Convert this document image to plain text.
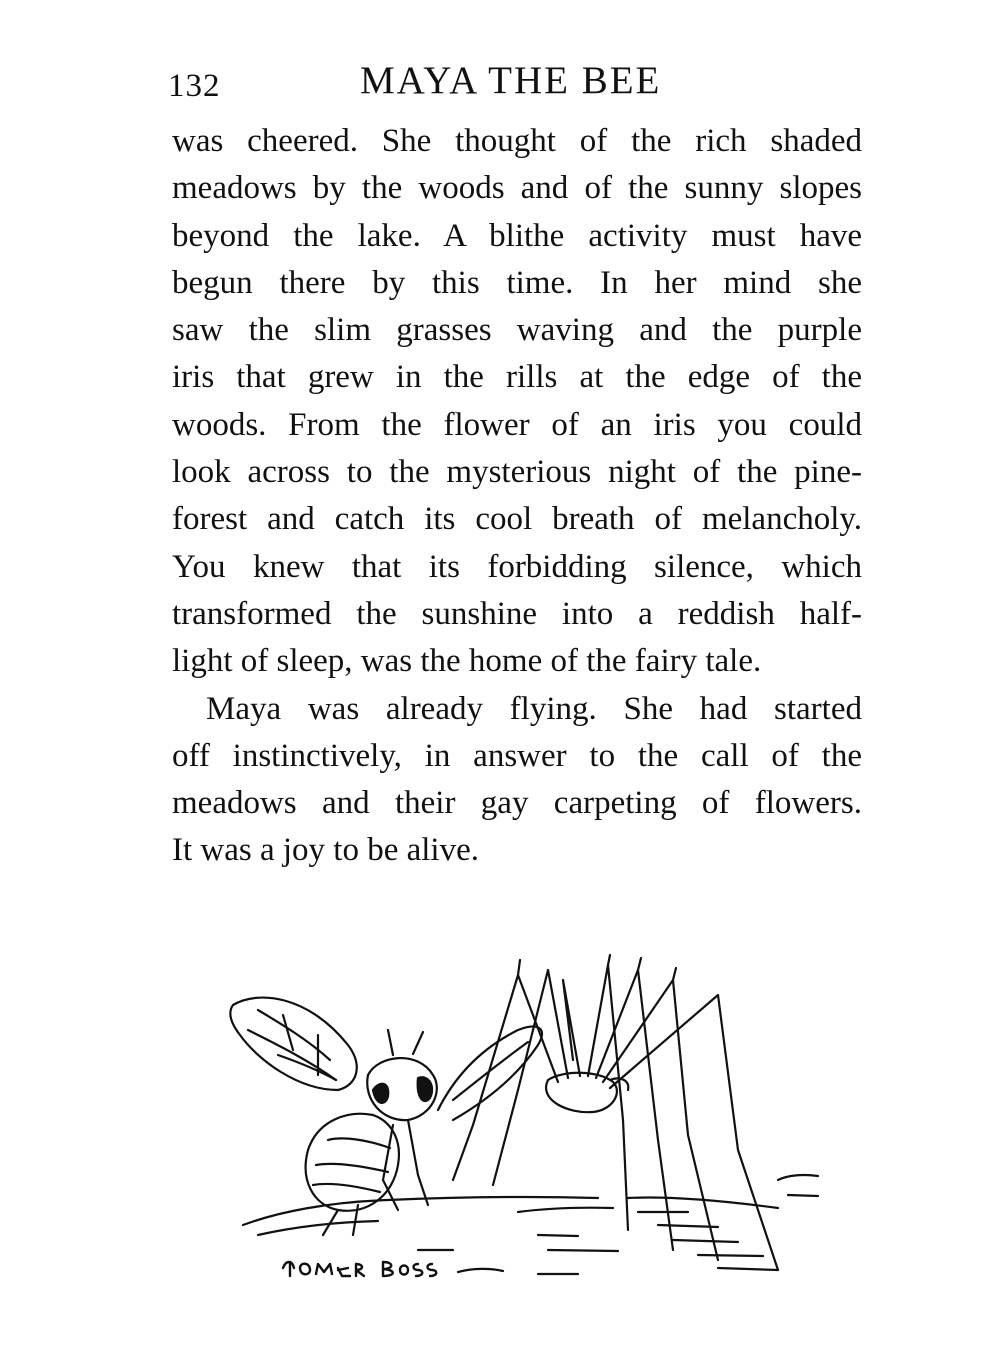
132	MAYA THE BEE
was cheered. She thought of the rich shaded
meadows by the woods and of the sunny slopes
beyond the lake. A blithe activity must have
begun there by this time. In her mind she
saw the slim grasses waving and the purple
iris that grew in the rills at the edge of the
woods. From the flower of an iris you could
look across to the mysterious night of the pine-
forest and catch its cool breath of melancholy.
You knew that its forbidding silence, which
transformed the sunshine into a reddish half-
light of sleep, was the home of the fairy tale.
Maya was already flying. She had started
off instinctively, in answer to the call of the
meadows and their gay carpeting of flowers.
It was a joy to be alive.
